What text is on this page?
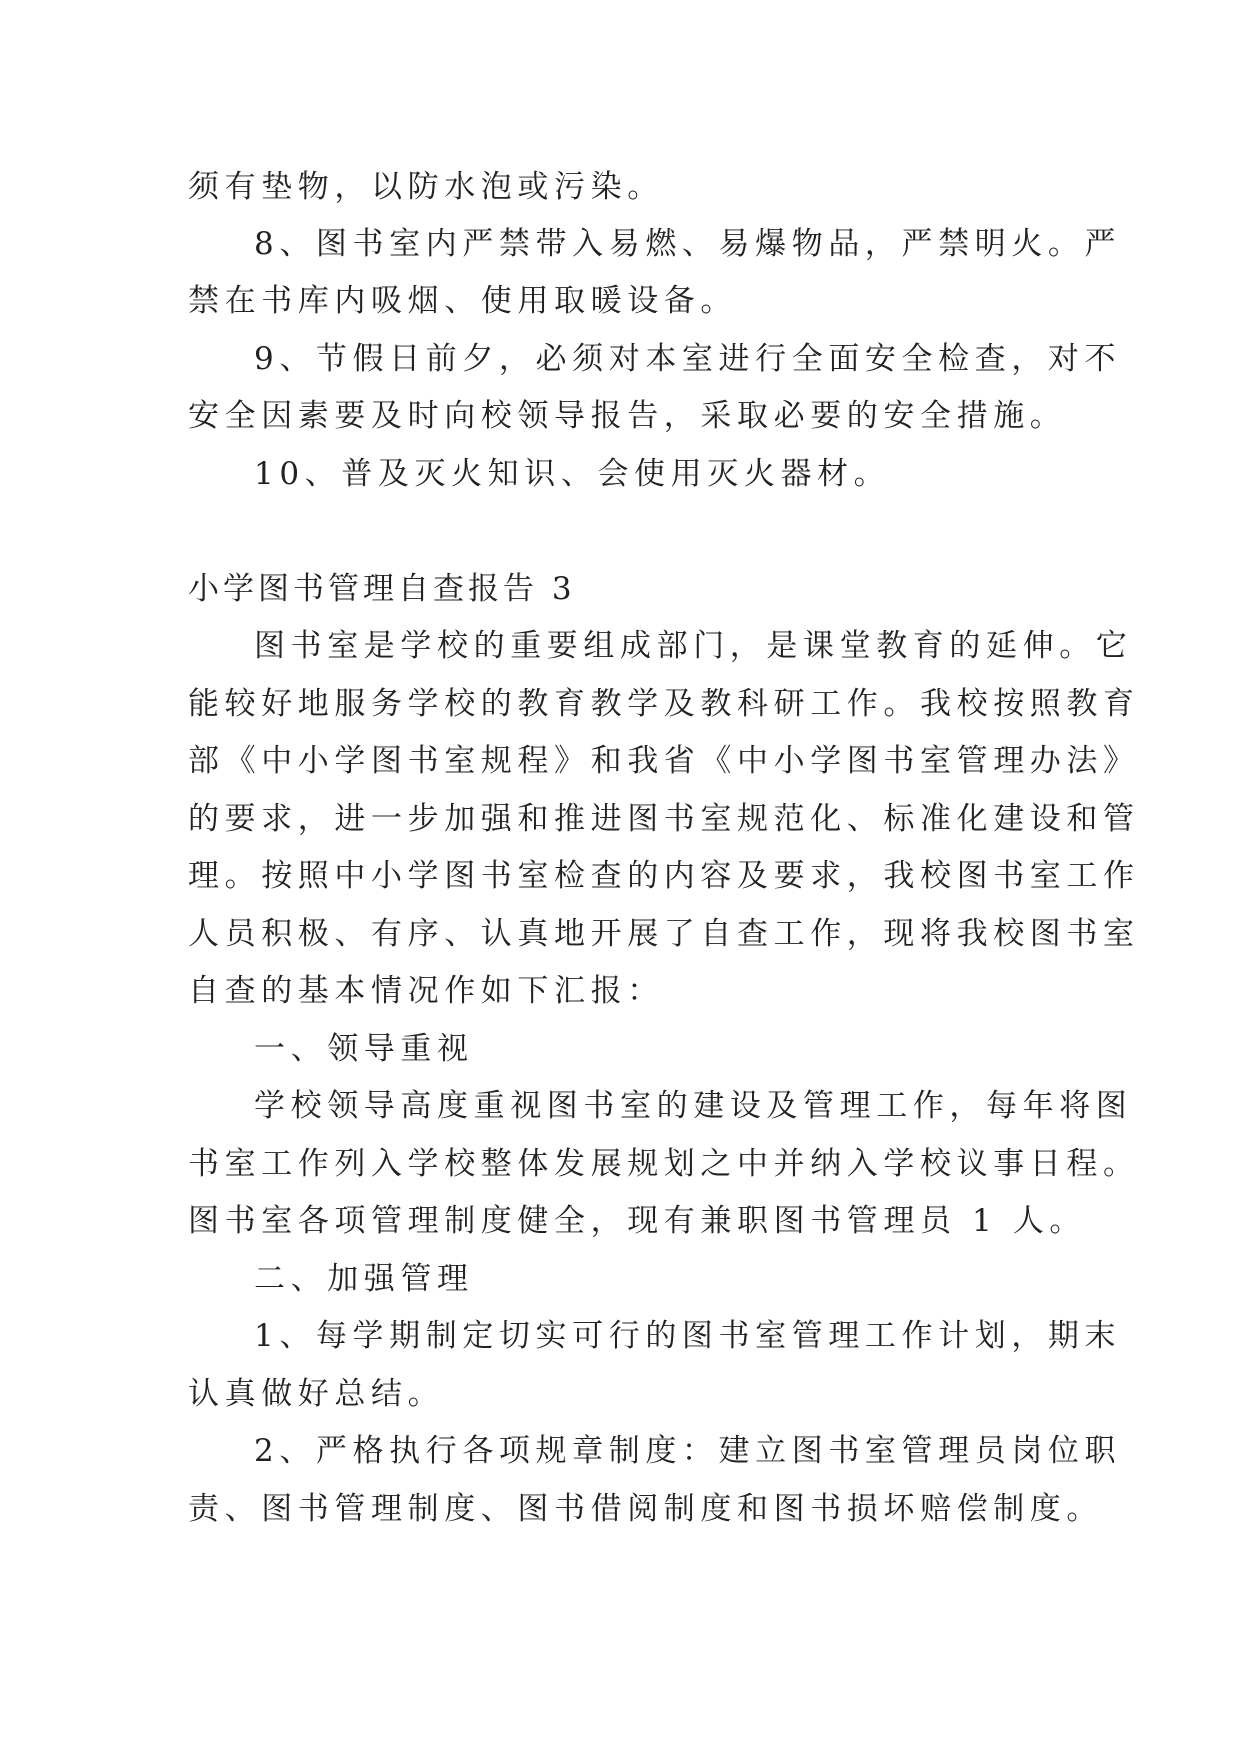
须有垫物，以防水泡或污染。
8、图书室内严禁带入易燃、易爆物品，严禁明火。严
禁在书库内吸烟、使用取暖设备。
9、节假日前夕，必须对本室进行全面安全检查，对不
安全因素要及时向校领导报告，采取必要的安全措施。
10、普及灭火知识、会使用灭火器材。
小学图书管理自查报告 3
图书室是学校的重要组成部门，是课堂教育的延伸。它
能较好地服务学校的教育教学及教科研工作。我校按照教育
部《中小学图书室规程》和我省《中小学图书室管理办法》
的要求，进一步加强和推进图书室规范化、标准化建设和管
理。按照中小学图书室检查的内容及要求，我校图书室工作
人员积极、有序、认真地开展了自查工作，现将我校图书室
自查的基本情况作如下汇报：
一、领导重视
学校领导高度重视图书室的建设及管理工作，每年将图
书室工作列入学校整体发展规划之中并纳入学校议事日程。
图书室各项管理制度健全，现有兼职图书管理员 1 人。
二、加强管理
1、每学期制定切实可行的图书室管理工作计划，期末
认真做好总结。
2、严格执行各项规章制度：建立图书室管理员岗位职
责、图书管理制度、图书借阅制度和图书损坏赔偿制度。
